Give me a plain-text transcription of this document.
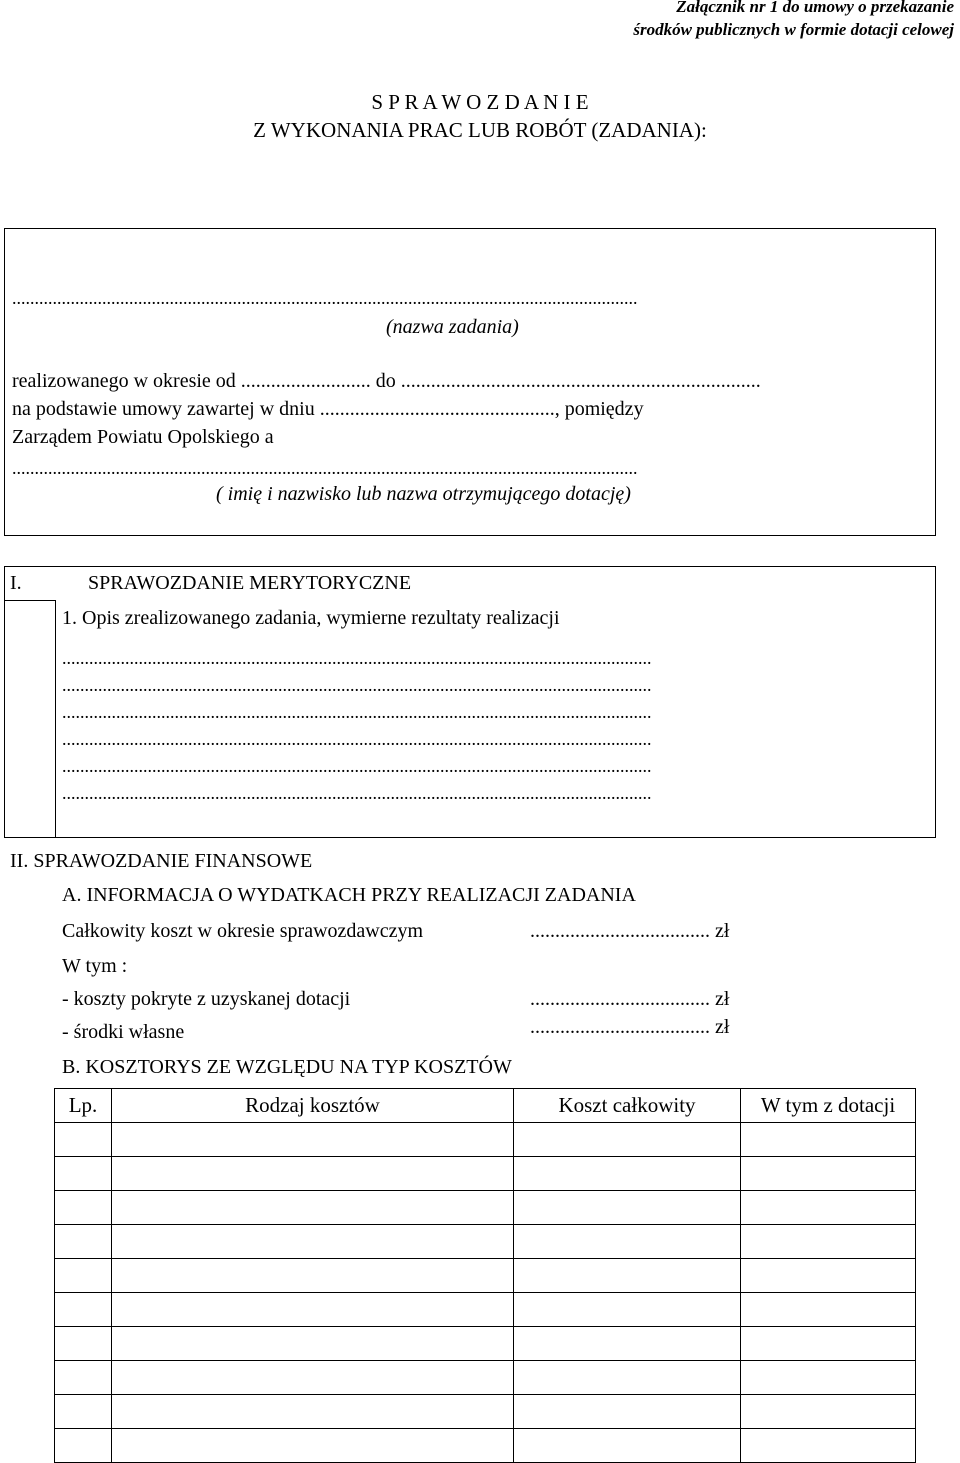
Załącznik nr 1 do umowy o przekazanie
środków publicznych w formie dotacji celowej
S P R A W O Z D A N I E
Z WYKONANIA PRAC LUB ROBÓT (ZADANIA):
...........................................................................................................................................
(nazwa zadania)
realizowanego w okresie od .......................... do ........................................................................
na podstawie umowy zawartej w dniu ..............................................., pomiędzy
Zarządem Powiatu Opolskiego a
...........................................................................................................................................
( imię i nazwisko lub nazwa otrzymującego dotację)
I.	SPRAWOZDANIE MERYTORYCZNE
1. Opis zrealizowanego zadania, wymierne rezultaty realizacji
...................................................................................................................................
...................................................................................................................................
...................................................................................................................................
...................................................................................................................................
...................................................................................................................................
...................................................................................................................................
II. SPRAWOZDANIE FINANSOWE
A. INFORMACJA O WYDATKACH PRZY REALIZACJI ZADANIA
Całkowity koszt w okresie sprawozdawczym	.................................... zł
W tym :
- koszty pokryte z uzyskanej dotacji	.................................... zł
- środki własne	.................................... zł
B. KOSZTORYS ZE WZGLĘDU NA TYP KOSZTÓW
Lp.	Rodzaj kosztów	Koszt całkowity	W tym z dotacji
